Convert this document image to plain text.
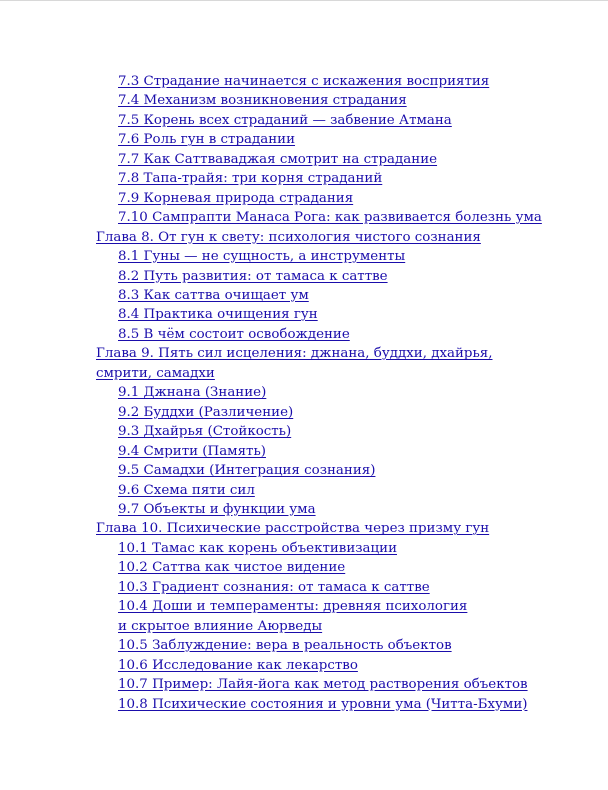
7.3 Страдание начинается с искажения восприятия
7.4 Механизм возникновения страдания
7.5 Корень всех страданий — забвение Атмана
7.6 Роль гун в страдании
7.7 Как Саттваваджая смотрит на страдание
7.8 Тапа-трайя: три корня страданий
7.9 Корневая природа страдания
7.10 Сампрапти Манаса Рога: как развивается болезнь ума
Глава 8. От гун к свету: психология чистого сознания
8.1 Гуны — не сущность, а инструменты
8.2 Путь развития: от тамаса к саттве
8.3 Как саттва очищает ум
8.4 Практика очищения гун
8.5 В чём состоит освобождение
Глава 9. Пять сил исцеления: джнана, буддхи, дхайрья,
смрити, самадхи
9.1 Джнана (Знание)
9.2 Буддхи (Различение)
9.3 Дхайрья (Стойкость)
9.4 Смрити (Память)
9.5 Самадхи (Интеграция сознания)
9.6 Схема пяти сил
9.7 Объекты и функции ума
Глава 10. Психические расстройства через призму гун
10.1 Тамас как корень объективизации
10.2 Саттва как чистое видение
10.3 Градиент сознания: от тамаса к саттве
10.4 Доши и темпераменты: древняя психология
и скрытое влияние Аюрведы
10.5 Заблуждение: вера в реальность объектов
10.6 Исследование как лекарство
10.7 Пример: Лайя-йога как метод растворения объектов
10.8 Психические состояния и уровни ума (Читта-Бхуми)
